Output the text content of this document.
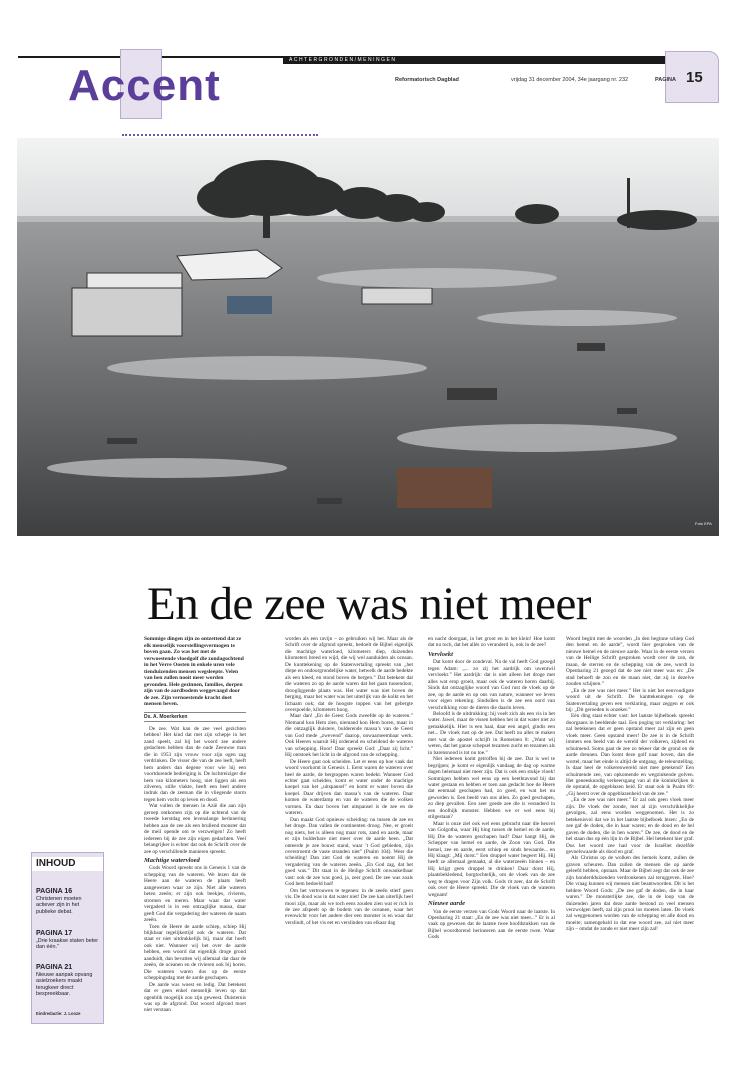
ACHTERGRONDEN/MENINGEN
Accent	Reformatorisch Dagblad	vrijdag 31 december 2004, 34e jaargang nr. 232	PAGINA 15
Foto EPA
En de zee was niet meer
Sommige dingen zijn zo ontzettend dat ze elk menselijk voorstellingsvermogen te boven gaan. Zo was het met de verwoestende vloedgolf die zondagochtend in het Verre Oosten in enkele uren vele tienduizenden mensen wegsleepte. Velen van hen zullen nooit meer worden gevonden. Hele gezinnen, families, dorpen zijn van de aardbodem weggevaagd door de zee. Zijn vernoestende kracht doet mensen beven.
Ds. A. Moerkerken

De zee. Wat kan de zee veel gezichten hebben! Het kind dat met zijn schepje in het zand speelt, zal bij het woord zee andere gedachten hebben dan de oude Zeeuwse man die in 1953 zijn vrouw voor zijn ogen zag verdrinken. De visser die van de zee leeft, heeft hem anders dan degene voor wie hij een voortdurende bedreiging is. De luchtreiziger die hem van kilometers hoog, niet liggen als een zilveren, stille vlakte, heeft een heel andere indruk dan de zeeman die in vliegende storm tegen hem vocht op leven en dood.

Wat vullen de mensen in Azië die aan zijn geroep ontkomen zijn op die uchtend van de tweede kerstdag een levenslange herinnering hebben aan de zee als een brullend monster dat de meil opende om te verzwelgen! Zo heeft iedereen bij de zee zijn eigen gedachten. Veel belangrijker is echter dat ook de Schrift over de zee op verschillende manieren spreekt.

Machtige watervloed

Gods Woord spreekt ons in Genesis 1 van de schepping van de wateren. We lezen dat de Heere aan de wateren de plaats heeft aangewezen waar ze zijn. Niet alle wateren heten zeeën; er zijn ook beekjes, rivieren, stromen en meren. Maar waar dat water vergaderd is in een ontzaglijke massa, daar geeft God die vergadering der wateren de naam zeeën.

Toen de Heere de aarde schiep, schiep Hij blijkbaar tegelijkertijd ook de wateren. Dat staat er niet uitdrukkelijk bij, maar dat hoeft ook niet. Wanneer wij het over de aarde hebben, een woord dat eigenlijk droge grond aanduidt, dan bevatten wij allemaal dat daar de zeeën, de oceanen en de rivieren ook bij horen. Die wateren waren dus op de eerste scheppingsdag met de aarde geschapen.

De aarde was woest en ledig. Dat betekent dat er geen enkel menselijk leven op dat ogenblik mogelijk zou zijn geweest. Duisternis was op de afgrond. Dat woord afgrond moet niet verstaan

worden als een ravijn – zo gebruiken wij het. Maar als de Schrift over de afgrond spreekt, bedoelt de Bijbel eigenlijk die machtige waterloed, kilometers diep, duizenden kilometers breed en wijd, die wij wel aanduiden als oceaan. De kunttekening op de Statenvertaling spreekt van „het diepe en ondoorgrondelijke water, hetwelk de aarde bedekte als een kleed, en stond boven de bergen.” Dat betekent dat die wateren zo op de aarde waren dat het gaan tussendoor, droogliggende plaats was. Het water was niet boven de berging, maar het water was het uiterlijk van de kolkt en het lichaam ook; dat de hoogste toppen van het gebergte overspoelde, kilometers hoog.

Maar dan! „En de Geest Gods zweefde op de wateren.” Niemand kon Hem zien, niemand kon Hem horen, maar in die ontzaglijk duistere, bulderende massa’s van de Geest van God mede „zwevend” daarop, onwaarneembaar werk. Ook Heeren waaruit Hij ordenend en scheidend de wateren van schepping. Hoor! Daar spreekt God: „Daar zij licht.” Hij ontstoek het licht in de afgrond van de schepping.

De Heere gaat ook scheiden. Let er eens op hoe vaak dat woord voorkomt in Genesis 1. Eerst waren de wateren over heel de aarde, de bergtoppen waren bedekt. Wanneer God echter gaat scheiden, komt er water onder de machtige koepel van het „uitspansel” en komt er water boven die koepel. Daar drijven dan massa’s van de wateren. Daar komen de waterdamp en van de wateren die de wolken vormen. En daar boven het uitspansel is de zee en de wateren.

Dan maakt God opnieuw scheiding: nu tussen de zee en het droge. Dan vallen de continenten droog. Nee, er groeit nog niets, het is alleen nog maar rots, zand en aarde, maar er zijn bulderbare niet meer over de aarde heen. „Dat onteerde je zee bouwt stand, waar ’t God gebieden, zijn overstroemt de vaste stranden niet” (Psalm 104). Weer die scheiding! Dan ziet God de wateren en noemt Hij de vergadering van de wateren zeeën. „En God zag, dat het goed was.” Dit staat in de Heilige Schrift onwankelbaar vast: ook de zee was goed, ja, zeer goed. De zee was zoals God hem bedoeld had!

Om het vertrouwen te tegenen: in de zeeën stierf geen vis. De dood was in dat water niet! De zee kan uiterlijk heel mooi zijn, maar als we toch eens zouden zien wat er rich in de zee afspeelt op de bodem van de oceanen, waar het evenwicht voor het andere dier een monster is en waar dat verslindt, of het vis eet en verslinden van elkaar dag

en nacht doorgaat, in het groot en in het klein! Hoe komt dat nu toch, dat het allés zo veranderd is, ook in de zee?

Vervloekt

Dat komt door de zondeval. Na de val heeft God gezegd tegen Adam: „... zo zij het aardrijk om uwentwil vervloekt.” Het aardrijk: dat is niet alleen het droge met alles wat erop groeit, maar ook de wateren horen daarbij. Sinds dat ontzaglijke woord van God rust de vloek op de zee, op de aarde en op ons van nature, wanneer we leven voor eigen rekening. Sindsdien is de zee een oord van verschrikking voor de dieren die daarin leven.

Beloofd is de uitdrukking: hij voelt zich als een vis in het water. Jawel, maar de vissen hebben het in dat water niet zo gemakkelijk. Hier is een haai, daar een angel, gindis een net... De vloek rust op de zee. Dat heeft nu alles te maken met wat de apostel schrijft in Romeinen 8: „Want wij weten, dat het ganse schepsel tezamen zucht en tezamen als in barensnood is tot nu toe.”

Niet iedereen komt getroffen bij de zee. Dat is wel te begrijpen; je komt er eigenlijk vandaag de dag op warme dagen helemaal niet meer zijn. Dat is ook een stukje vloek! Sommigen hebben wel eens op een heethtavond bij dat water gestaan en hebben er toen aan gedacht hoe de Heere dat eenmaal geschapen had, zo goed, en wat het nu geworden is. Een beeld van ons allen. Zo goed geschapen, zo diep gevallen. Een zeer goede zee die is veranderd in een doolhijk monster. Hebben we er wel eens bij stilgestaan?

Maar is onze ziel ook wel eens gebracht naar die heuvel van Golgotha, waar Hij hing tussen de hemel en de aarde, Hij Die de wateren geschapen had? Daar hangt Hij, de Schepper van hemel en aarde, de Zoon van God. Die hemel, zee en aarde, eerst schiep en sinds bewaarde... en Hij klaagt: „Mij dorst.” Een druppel water begeert Hij. Hij heeft ze allemaal gemaakt, al die waterzeeën binnen – en Hij krijgt geen druppel te drinken! Daar dorst Hij, plaatsbekledend, borgtochtelijk, om de vloek van de zee weg te dragen voor Zijn volk. Gods rit zeer, dat de Schrift ook over de Heere spreekt. Die de vloek van de wateren wegnam!

Nieuwe aarde

Van de eerste verzen van Gods Woord naar de laatste. In Openbaring 21 staat: „En de zee was niet meer...” Er is al vaak op gewezen dat de laatste twee hoofdstukken van de Bijbel woordtorend herinneren aan de eerste twee. Waar Gods

Woord begint met de woorden „In den beginne schiep God den hemel en de aarde”, wordt hier gesproken van de nieuwe hemel en de nieuwe aarde. Waar in de eerste verzen van de Heilige Schrift gesproken wordt over de zon, de maan, de sterren en de schepping van de zee, wordt in Openbaring 21 gezegd dat de zee niet meer was en: „De stad behoeft de zon en de maan niet, dat zij in dezelve zouden schijnen.”

„En de zee was niet meer.” Het is niet het eenvoudigste woord uit de Schrift. De kanttekeningen op de Statenvertaling geven een verklaring, maar zeggen er ook bij: „Dit geroeden is onzeker.”

Eén ding staat echter vast: het laatste bijbelboek spreekt doorgaans in beeldende taal. Een poging tot verklaring: het zal betekenen dat er geen opstand meer zal zijn en geen vloek meer. Geen opstand meer! De zee is in de Schrift immers een beeld van de wereld der volkeren, zijdend en schuimend. Soms gaat de zee zo tekeer dat de grond en de aarde dreunen. Dan komt deze golf naar boven, dan die wortel, maar het einde is altijd de ontgang, de teleurstelling. Is daar heel de volkerenwereld niet mee getekend? Een schuimende zee, van opkomende en wegzinkende golven. Het geneeskundig verkeersgang van al die koninkrijken is de opstand, de opgeblazen heid. Er staat ook in Psalm 89: „Gij heerst over de opgeblazenheid van de zee.”

„En de zee was niet meer.” Er zal ook geen vloek meer zijn. De vloek der zonde, met al zijn verschrikkelijke gevolgen, zal eens worden weggenomen. Het is zo betekenisvol dat we in het laatste bijbelboek lezen: „En de zee gaf de doden, die in haar waren; en de dood en de hel gaven de doden, die in hen waren.” De zee, de dood en de hel staan dus op één lijn in de Bijbel. Hel betekent hier graf. Dus het woord zee had voor de Israëliet dezelfde gevoelswaarde als dood en graf.

Als Christus op de wolken des hemels komt, zullen de graven scheuren. Dan zullen de mensen die op aarde geleefd hebben, opstaan. Maar de Bijbel zegt dat ook de zee zijn honderdduizenden verdronkenen zal teruggeven. Hoe? Die vraag kunnen wij mensen niet beantwoorden. Dit is het heldere Woord Gods: „De zee gaf de doden, die in haar waren.” De monsterlijke zee, die in de loop van de duizenden jaren dat deze aarde bestond zo veel mensen verzwolgen heeft, zal zijn prooi los moeten laten. De vloek zal weggenomen worden van de schepping en alle dood en moeite; samengebald in dat ene woord zee, zal niet meer zijn – omdat de zonde er niet meer zijn zal!

INHOUD
PAGINA 16
Christenen moeten actiever zijn in het publieke debat.
PAGINA 17
„Drie kraakse staten beter dan één.”
PAGINA 21
Nieuwe aanpak opvang asielzoekers maakt terugkeer direct bespreekbaar.
Eindredactie: J. Looze
